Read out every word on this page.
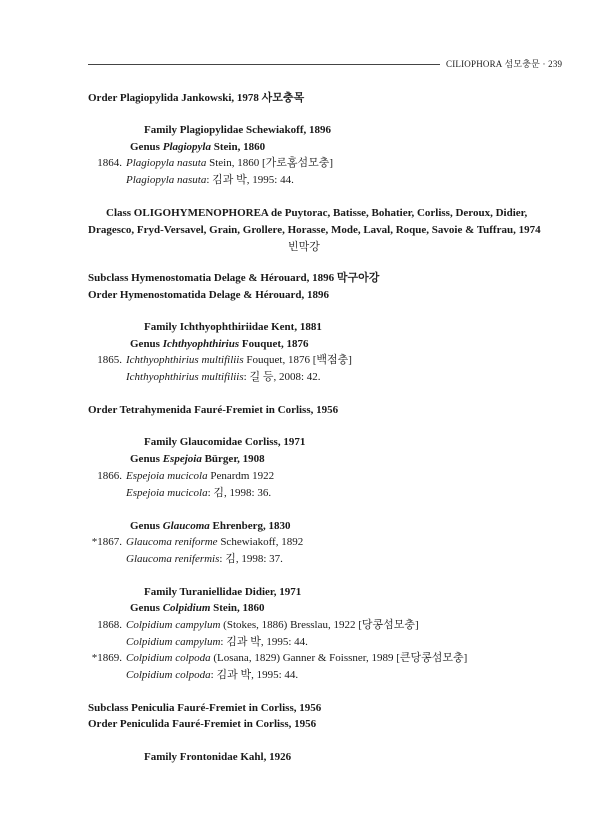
CILIOPHORA 섬모충문 · 239
Order Plagiopylida Jankowski, 1978 사모충목
Family Plagiopylidae Schewiakoff, 1896
Genus Plagiopyla Stein, 1860
1864. Plagiopyla nasuta Stein, 1860 [가로홈섬모충]
Plagiopyla nasuta: 김과 박, 1995: 44.
Class OLIGOHYMENOPHOREA de Puytorac, Batisse, Bohatier, Corliss, Deroux, Didier,
Dragesco, Fryd-Versavel, Grain, Grollere, Horasse, Mode, Laval, Roque, Savoie & Tuffrau, 1974
빈막강
Subclass Hymenostomatia Delage & Hérouard, 1896 막구아강
Order Hymenostomatida Delage & Hérouard, 1896
Family Ichthyophthiriidae Kent, 1881
Genus Ichthyophthirius Fouquet, 1876
1865. Ichthyophthirius multifiliis Fouquet, 1876 [백점충]
Ichthyophthirius multifiliis: 길 등, 2008: 42.
Order Tetrahymenida Fauré-Fremiet in Corliss, 1956
Family Glaucomidae Corliss, 1971
Genus Espejoia Bürger, 1908
1866. Espejoia mucicola Penardm 1922
Espejoia mucicola: 김, 1998: 36.
Genus Glaucoma Ehrenberg, 1830
*1867. Glaucoma reniforme Schewiakoff, 1892
Glaucoma renifermis: 김, 1998: 37.
Family Turaniellidae Didier, 1971
Genus Colpidium Stein, 1860
1868. Colpidium campylum (Stokes, 1886) Bresslau, 1922 [당콩섬모충]
Colpidium campylum: 김과 박, 1995: 44.
*1869. Colpidium colpoda (Losana, 1829) Ganner & Foissner, 1989 [큰당콩섬모충]
Colpidium colpoda: 김과 박, 1995: 44.
Subclass Peniculia Fauré-Fremiet in Corliss, 1956
Order Peniculida Fauré-Fremiet in Corliss, 1956
Family Frontonidae Kahl, 1926
